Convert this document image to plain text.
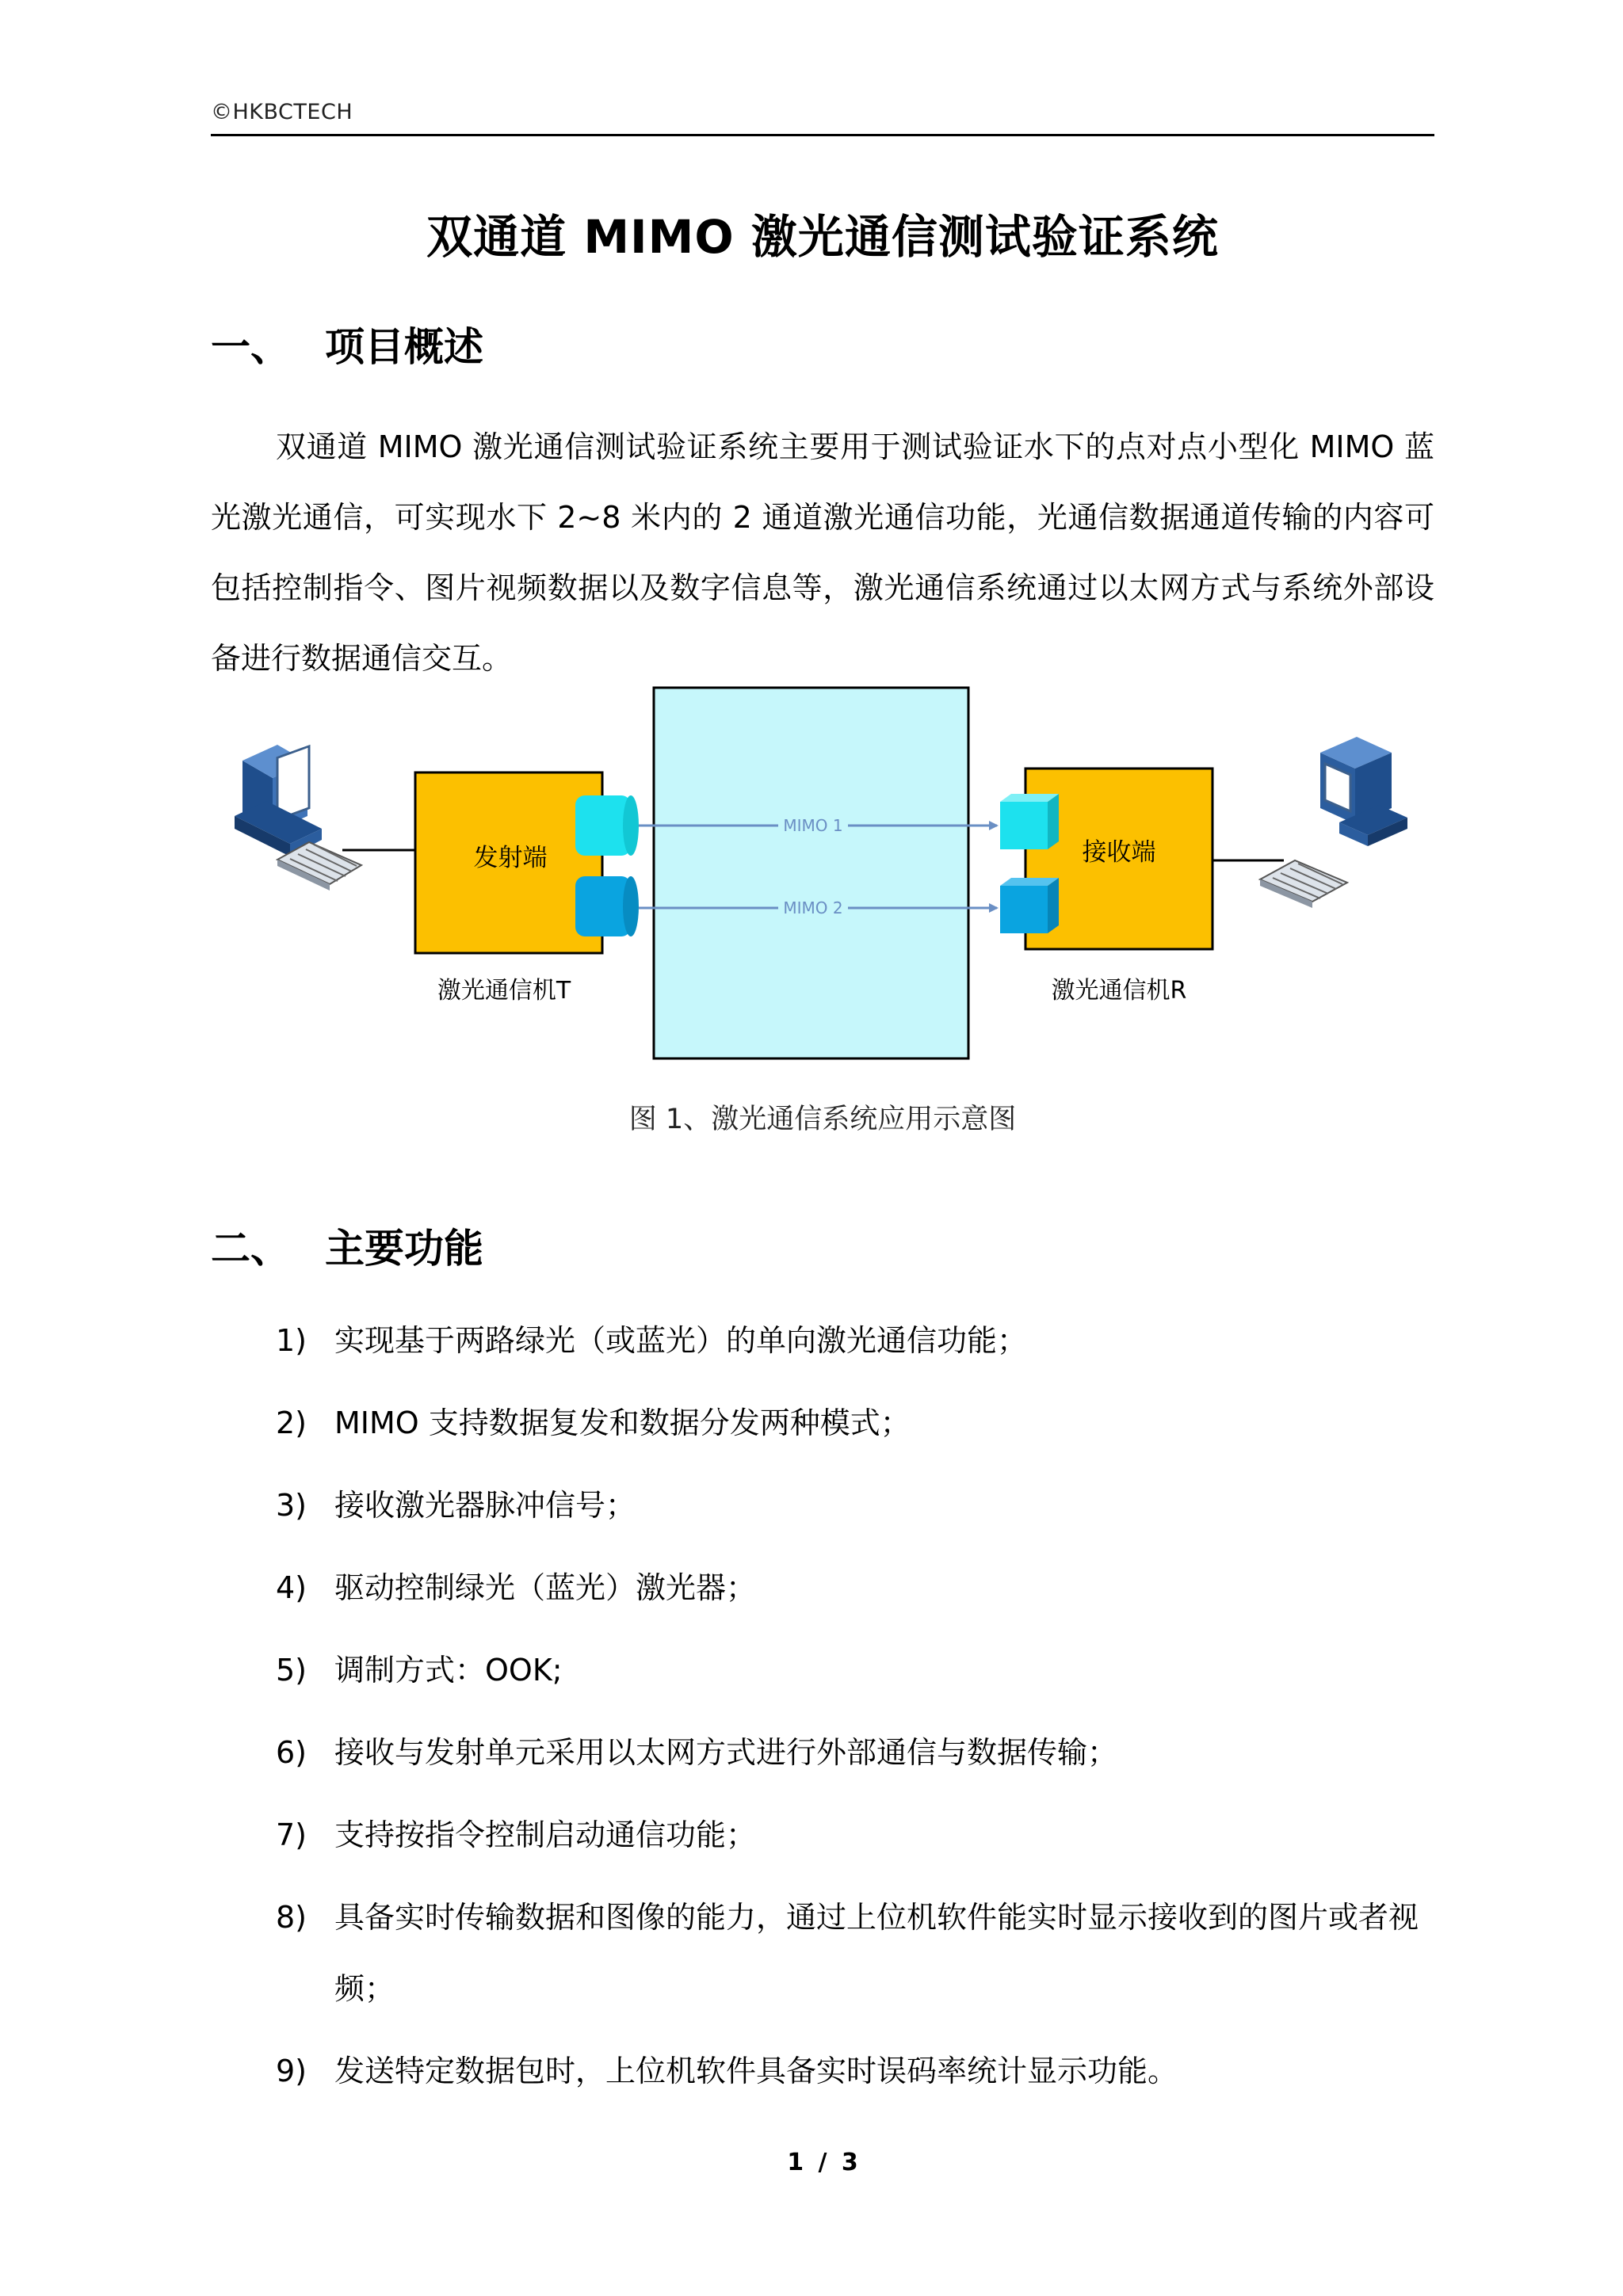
©HKBCTECH
双通道 MIMO 激光通信测试验证系统
一、 项目概述

双通道 MIMO 激光通信测试验证系统主要用于测试验证水下的点对点小型化 MIMO 蓝光激光通信，可实现水下 2~8 米内的 2 通道激光通信功能，光通信数据通道传输的内容可包括控制指令、图片视频数据以及数字信息等，激光通信系统通过以太网方式与系统外部设备进行数据通信交互。

发射端	接收端
MIMO 1
MIMO 2
激光通信机T	激光通信机R
图 1、激光通信系统应用示意图
二、 主要功能
1) 实现基于两路绿光（或蓝光）的单向激光通信功能；
2) MIMO 支持数据复发和数据分发两种模式；
3) 接收激光器脉冲信号；
4) 驱动控制绿光（蓝光）激光器；
5) 调制方式：OOK;
6) 接收与发射单元采用以太网方式进行外部通信与数据传输；
7) 支持按指令控制启动通信功能；
8) 具备实时传输数据和图像的能力，通过上位机软件能实时显示接收到的图片或者视频；
9) 发送特定数据包时，上位机软件具备实时误码率统计显示功能。
1 / 3
